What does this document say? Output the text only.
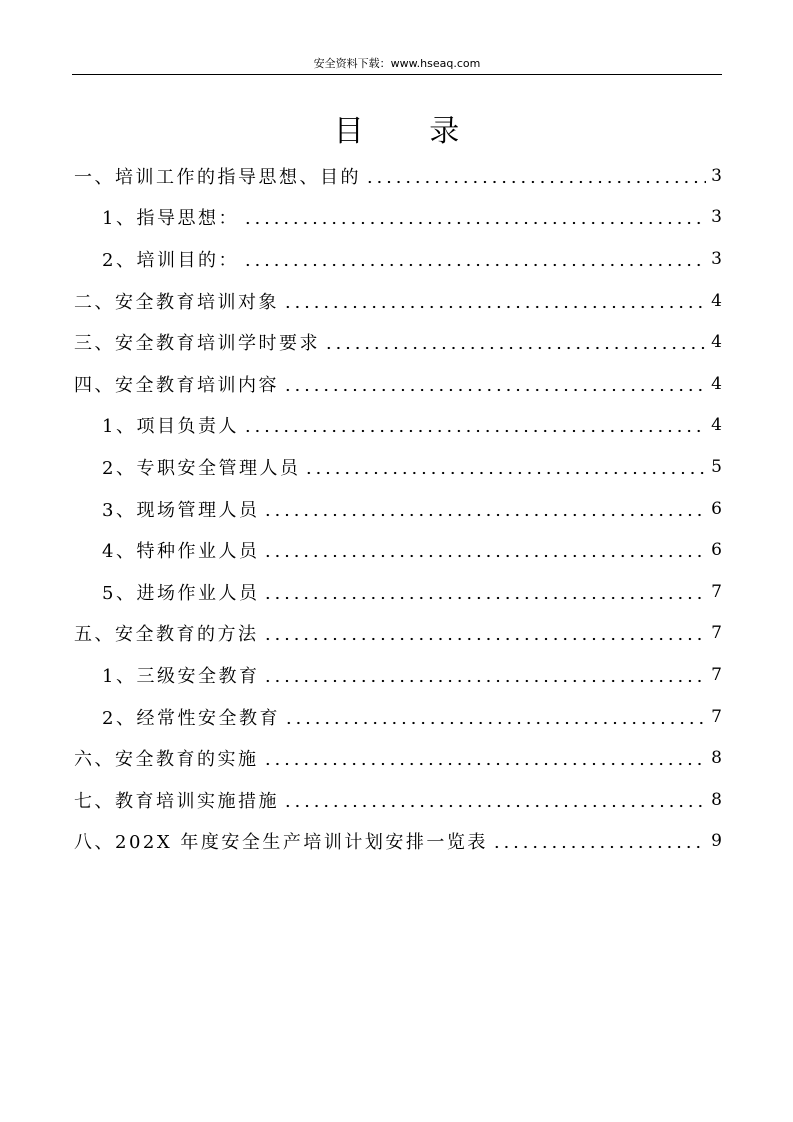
安全资料下载：www.hseaq.com
目 录
一、培训工作的指导思想、目的	3
1、指导思想：	3
2、培训目的：	3
二、安全教育培训对象	4
三、安全教育培训学时要求	4
四、安全教育培训内容	4
1、项目负责人	4
2、专职安全管理人员	5
3、现场管理人员	6
4、特种作业人员	6
5、进场作业人员	7
五、安全教育的方法	7
1、三级安全教育	7
2、经常性安全教育	7
六、安全教育的实施	8
七、教育培训实施措施	8
八、202X 年度安全生产培训计划安排一览表	9
